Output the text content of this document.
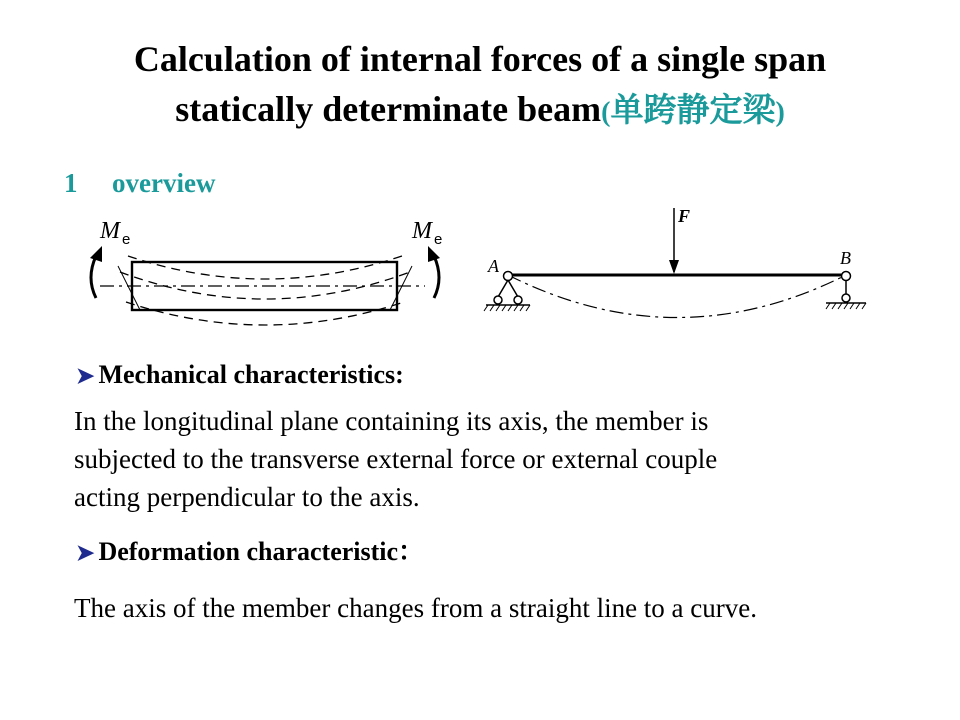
Calculation of internal forces of a single span
statically determinate beam(单跨静定梁)
1 overview
M e	M e
F
A	B
➤ Mechanical characteristics:
In the longitudinal plane containing its axis, the member is
subjected to the transverse external force or external couple
acting perpendicular to the axis.
➤ Deformation characteristic：
The axis of the member changes from a straight line to a curve.
